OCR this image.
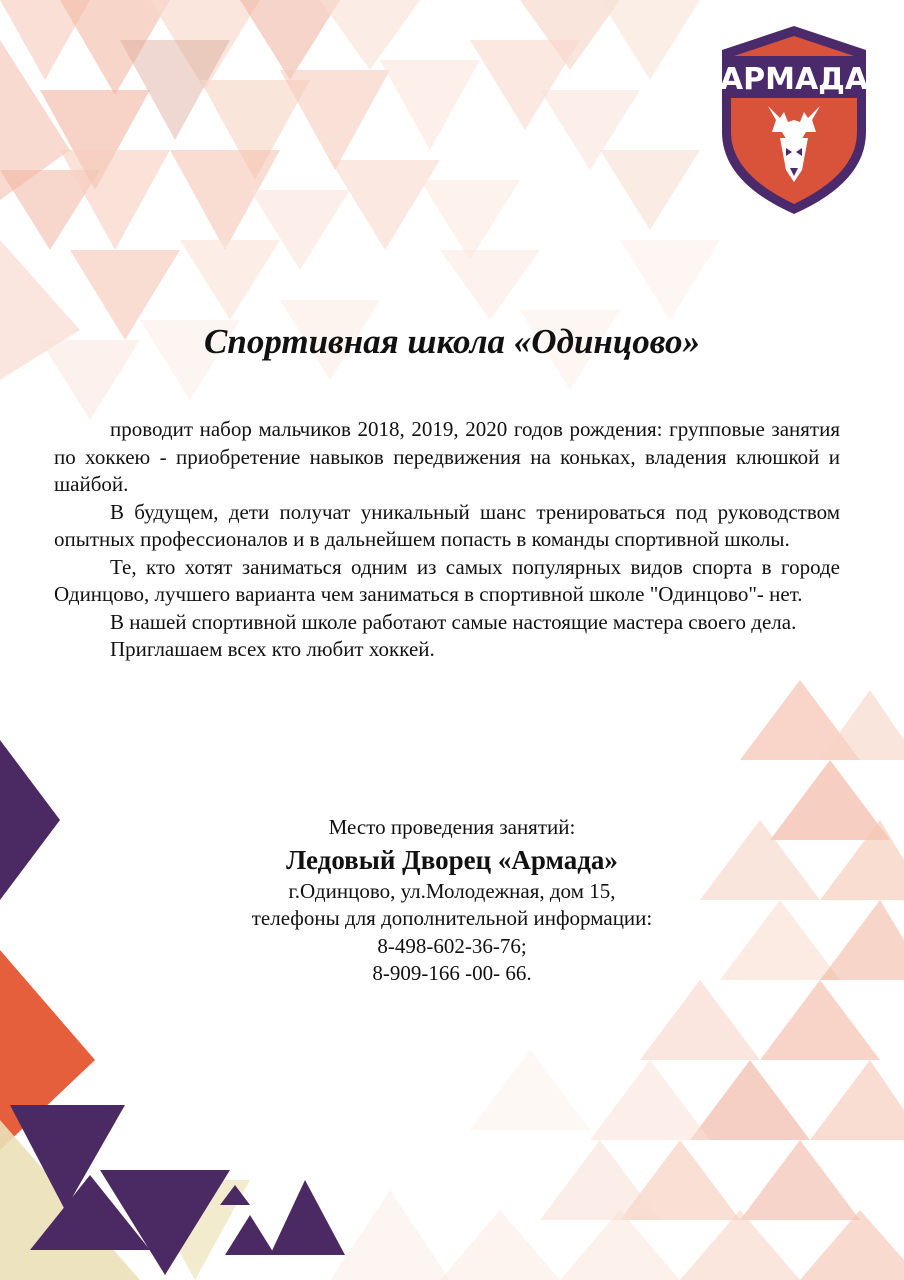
АРМАДА
Спортивная школа «Одинцово»

проводит набор мальчиков 2018, 2019, 2020 годов рождения: групповые занятия по хоккею - приобретение навыков передвижения на коньках, владения клюшкой и шайбой.

В будущем, дети получат уникальный шанс тренироваться под руководством опытных профессионалов и в дальнейшем попасть в команды спортивной школы.

Те, кто хотят заниматься одним из самых популярных видов спорта в городе Одинцово, лучшего варианта чем заниматься в спортивной школе "Одинцово"- нет.

В нашей спортивной школе работают самые настоящие мастера своего дела.

Приглашаем всех кто любит хоккей.

Место проведения занятий:
Ледовый Дворец «Армада»
г.Одинцово, ул.Молодежная, дом 15,
телефоны для дополнительной информации:
8-498-602-36-76;
8-909-166 -00- 66.
